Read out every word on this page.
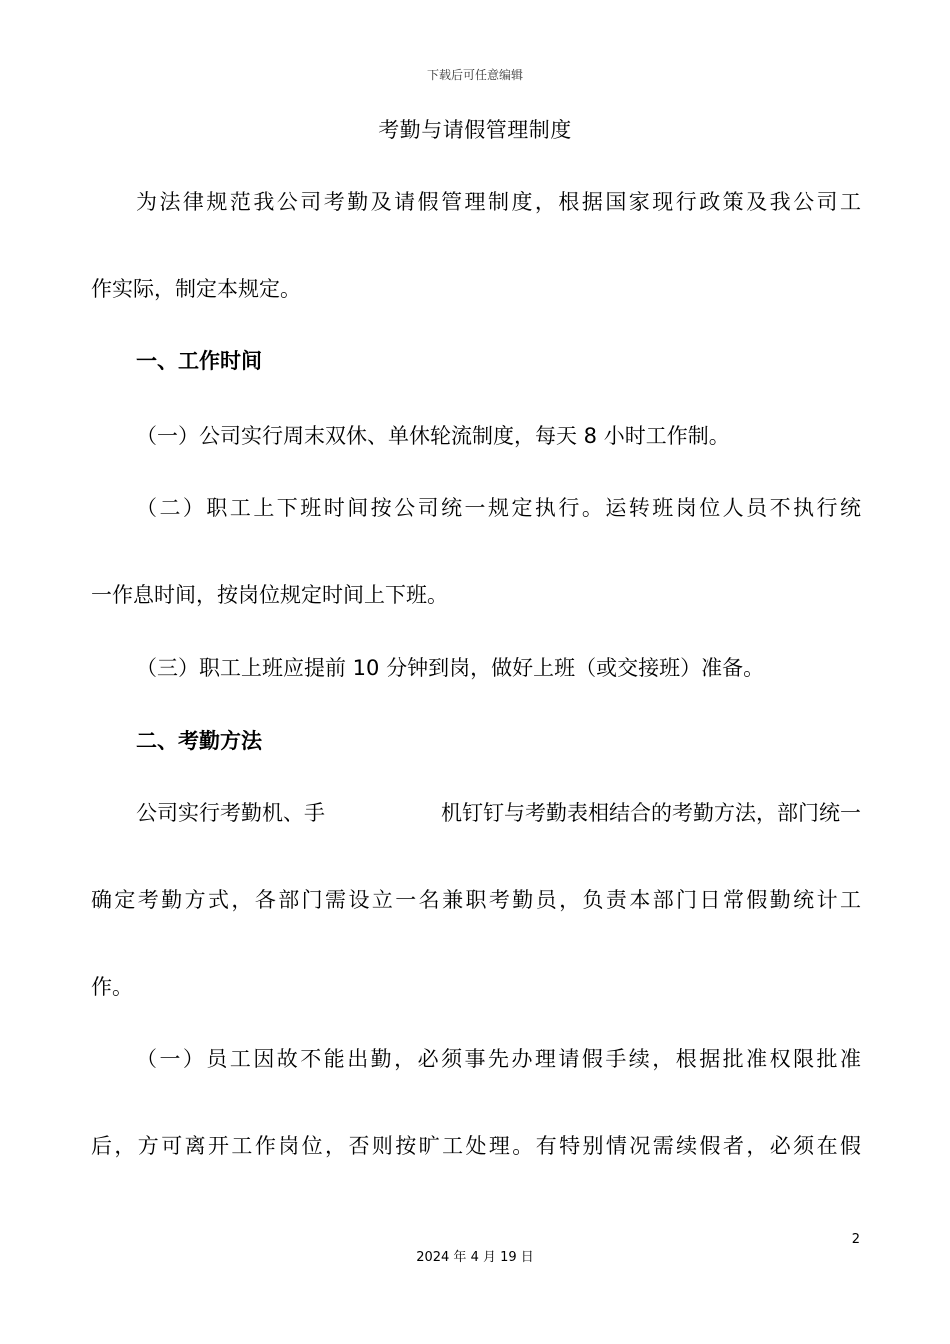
下载后可任意编辑
考勤与请假管理制度
为法律规范我公司考勤及请假管理制度，根据国家现行政策及我公司工
作实际，制定本规定。
一、工作时间
（一）公司实行周末双休、单休轮流制度，每天 8 小时工作制。
（二）职工上下班时间按公司统一规定执行。运转班岗位人员不执行统
一作息时间，按岗位规定时间上下班。
（三）职工上班应提前 10 分钟到岗，做好上班（或交接班）准备。
二、考勤方法
公司实行考勤机、手	机钉钉与考勤表相结合的考勤方法，部门统一
确定考勤方式，各部门需设立一名兼职考勤员，负责本部门日常假勤统计工
作。
（一）员工因故不能出勤，必须事先办理请假手续，根据批准权限批准
后，方可离开工作岗位，否则按旷工处理。有特别情况需续假者，必须在假
2
2024 年 4 月 19 日
